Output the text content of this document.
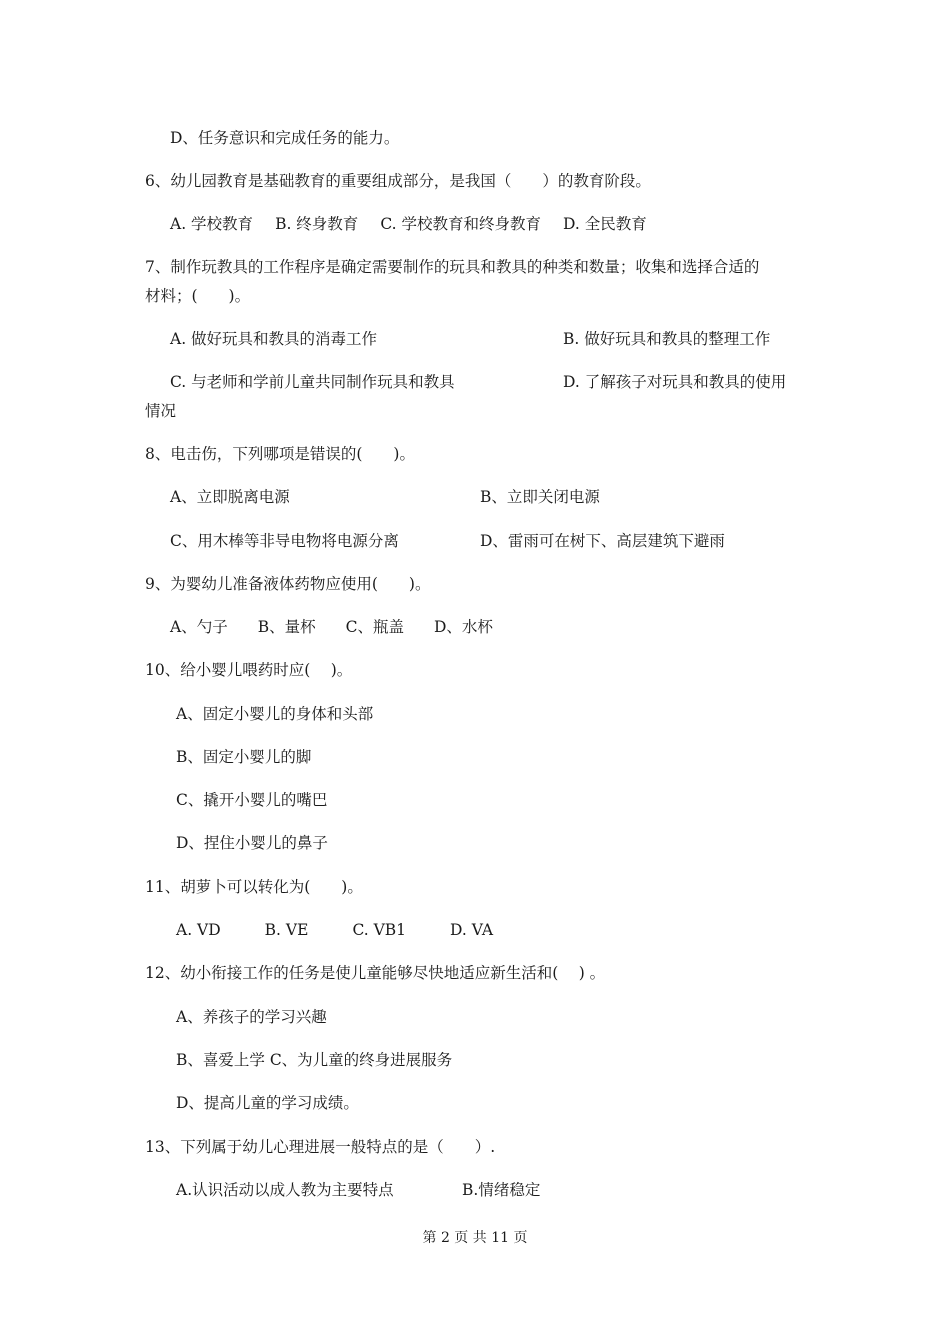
D、任务意识和完成任务的能力。
6、幼儿园教育是基础教育的重要组成部分，是我国（　　）的教育阶段。
A. 学校教育 B. 终身教育 C. 学校教育和终身教育 D. 全民教育
7、制作玩教具的工作程序是确定需要制作的玩具和教具的种类和数量；收集和选择合适的
材料；(　　)。
A. 做好玩具和教具的消毒工作	B. 做好玩具和教具的整理工作
C. 与老师和学前儿童共同制作玩具和教具	D. 了解孩子对玩具和教具的使用
情况
8、电击伤，下列哪项是错误的(　　)。
A、立即脱离电源	B、立即关闭电源
C、用木棒等非导电物将电源分离	D、雷雨可在树下、高层建筑下避雨
9、为婴幼儿准备液体药物应使用(　　)。
A、勺子 B、量杯 C、瓶盖 D、水杯
10、给小婴儿喂药时应(　 )。
A、固定小婴儿的身体和头部
B、固定小婴儿的脚
C、撬开小婴儿的嘴巴
D、捏住小婴儿的鼻子
11、胡萝卜可以转化为(　　)。
A. VD	B. VE	C. VB1	D. VA
12、幼小衔接工作的任务是使儿童能够尽快地适应新生活和(　 ) 。
A、养孩子的学习兴趣
B、喜爱上学 C、为儿童的终身进展服务
D、提高儿童的学习成绩。
13、下列属于幼儿心理进展一般特点的是（　　）.
A.认识活动以成人教为主要特点	B.情绪稳定
第 2 页 共 11 页
